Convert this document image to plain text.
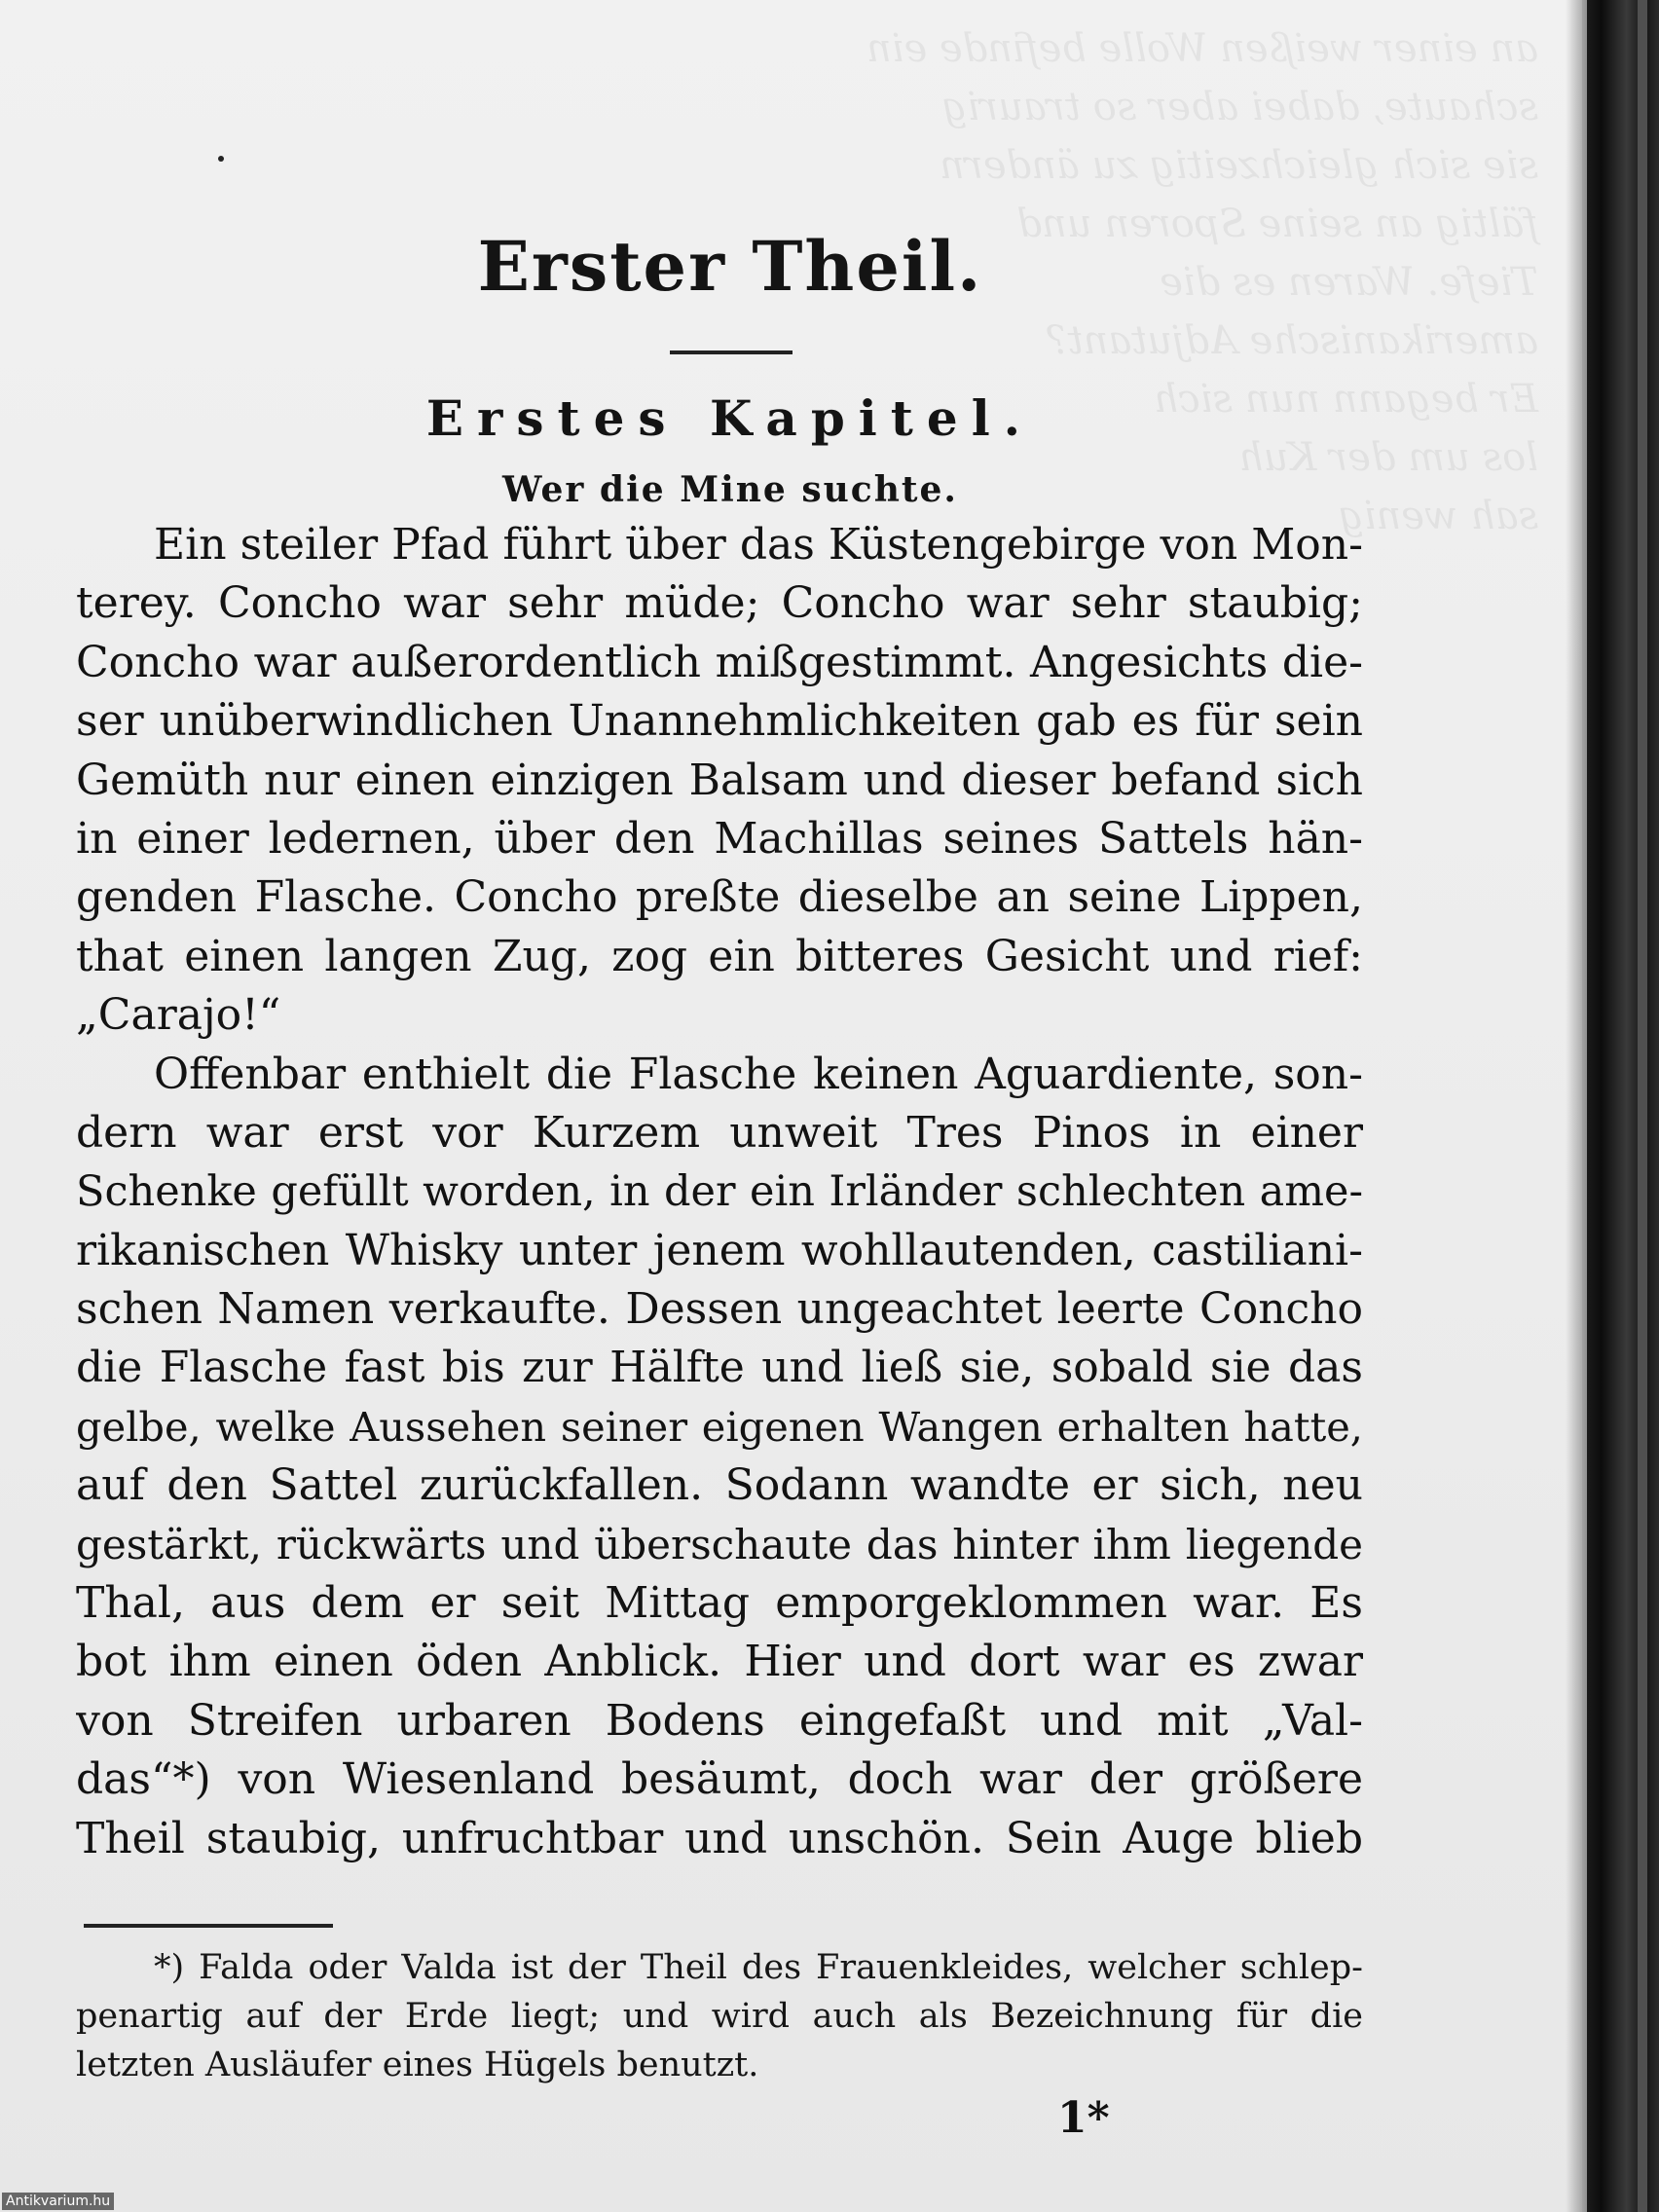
an einer weißen Wolle befinde ein
schaute, dabei aber so traurig
sie sich gleichzeitig zu ändern
fältig an seine Sporen und
Tiefe. Waren es die
amerikanische Adjutant?
Er begann nun sich
los um der Kuh
sah wenig
Erster Theil.
Erstes Kapitel.
Wer die Mine suchte.
Ein steiler Pfad führt über das Küstengebirge von Mon-
terey. Concho war sehr müde; Concho war sehr staubig;
Concho war außerordentlich mißgestimmt. Angesichts die-
ser unüberwindlichen Unannehmlichkeiten gab es für sein
Gemüth nur einen einzigen Balsam und dieser befand sich
in einer ledernen, über den Machillas seines Sattels hän-
genden Flasche. Concho preßte dieselbe an seine Lippen,
that einen langen Zug, zog ein bitteres Gesicht und rief:
„Carajo!“
Offenbar enthielt die Flasche keinen Aguardiente, son-
dern war erst vor Kurzem unweit Tres Pinos in einer
Schenke gefüllt worden, in der ein Irländer schlechten ame-
rikanischen Whisky unter jenem wohllautenden, castiliani-
schen Namen verkaufte. Dessen ungeachtet leerte Concho
die Flasche fast bis zur Hälfte und ließ sie, sobald sie das
gelbe, welke Aussehen seiner eigenen Wangen erhalten hatte,
auf den Sattel zurückfallen. Sodann wandte er sich, neu
gestärkt, rückwärts und überschaute das hinter ihm liegende
Thal, aus dem er seit Mittag emporgeklommen war. Es
bot ihm einen öden Anblick. Hier und dort war es zwar
von Streifen urbaren Bodens eingefaßt und mit „Val-
das“*) von Wiesenland besäumt, doch war der größere
Theil staubig, unfruchtbar und unschön. Sein Auge blieb
*) Falda oder Valda ist der Theil des Frauenkleides, welcher schlep-
penartig auf der Erde liegt; und wird auch als Bezeichnung für die
letzten Ausläufer eines Hügels benutzt.
1*
Antikvarium.hu
